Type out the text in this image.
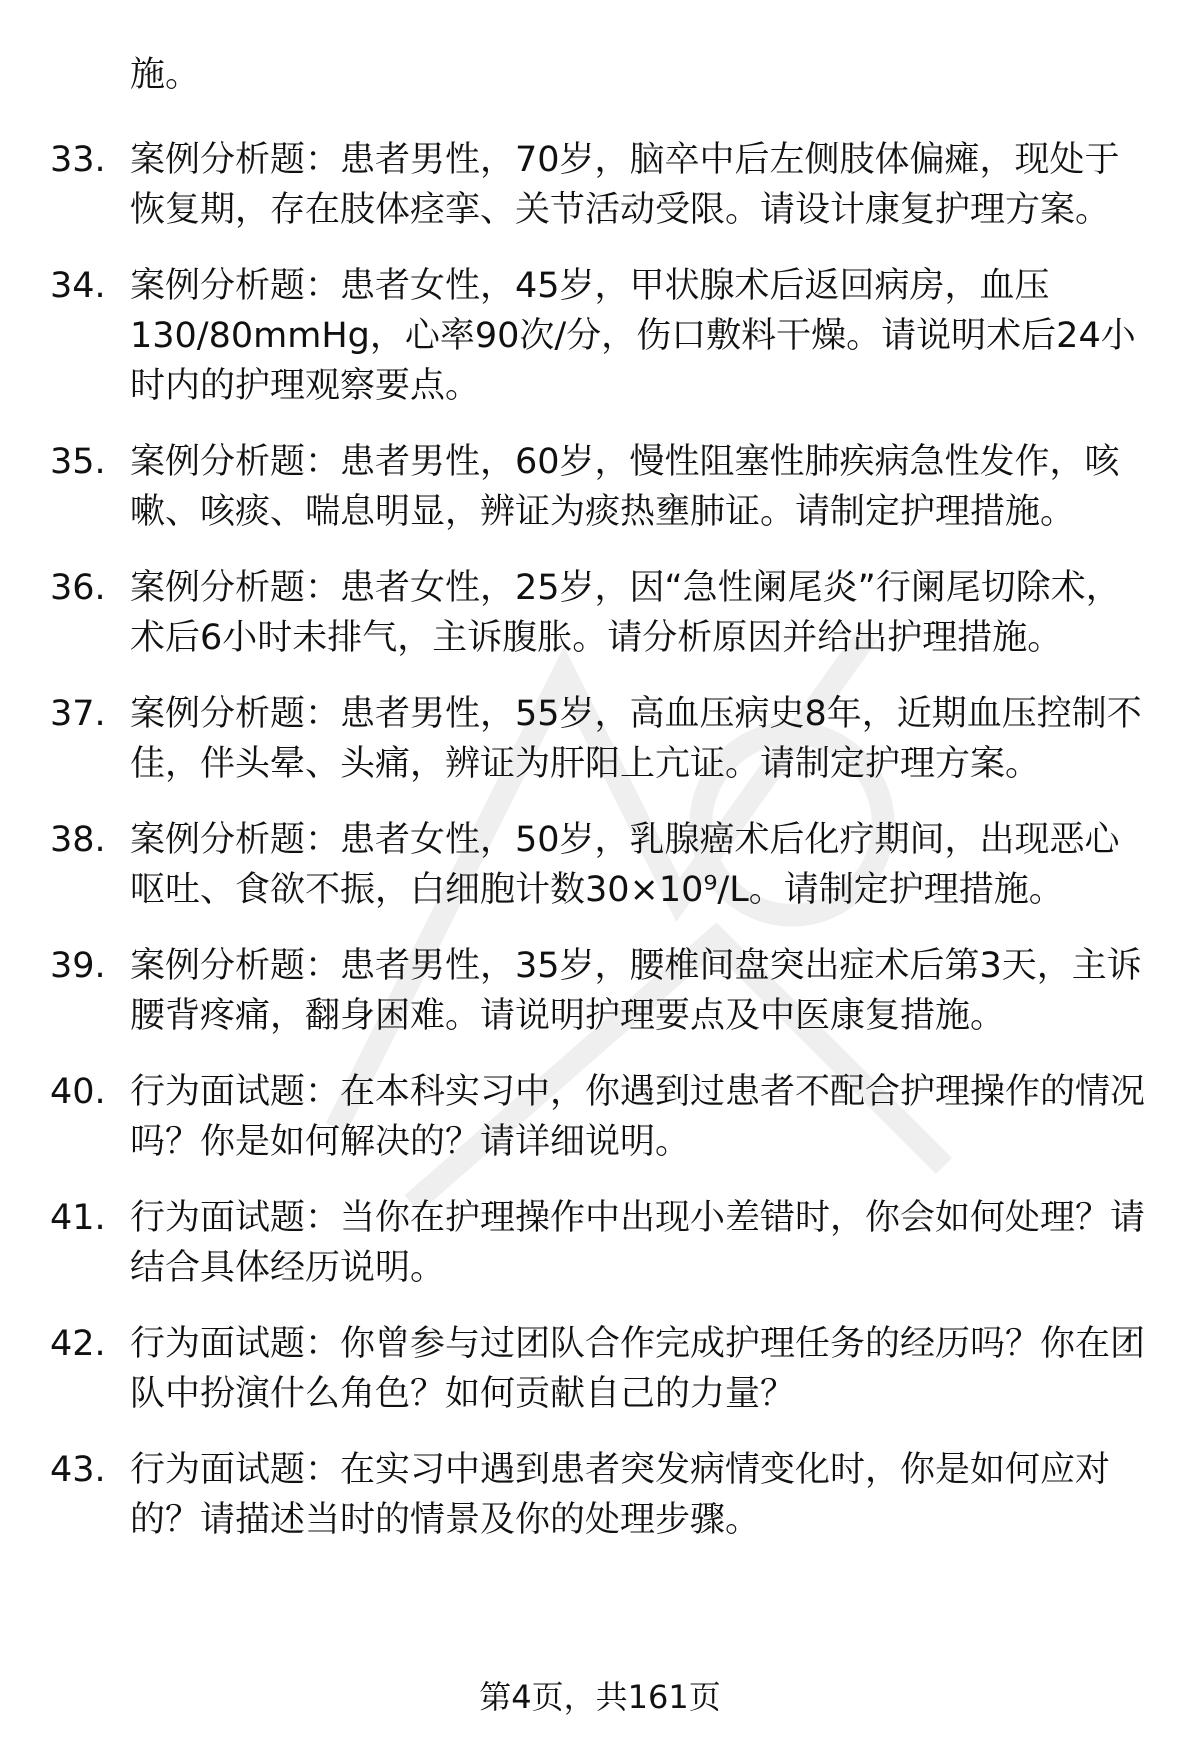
施。

33. 案例分析题：患者男性，70岁，脑卒中后左侧肢体偏瘫，现处于恢复期，存在肢体痉挛、关节活动受限。请设计康复护理方案。
34. 案例分析题：患者女性，45岁，甲状腺术后返回病房，血压130/80mmHg，心率90次/分，伤口敷料干燥。请说明术后24小时内的护理观察要点。
35. 案例分析题：患者男性，60岁，慢性阻塞性肺疾病急性发作，咳嗽、咳痰、喘息明显，辨证为痰热壅肺证。请制定护理措施。
36. 案例分析题：患者女性，25岁，因“急性阑尾炎”行阑尾切除术，术后6小时未排气，主诉腹胀。请分析原因并给出护理措施。
37. 案例分析题：患者男性，55岁，高血压病史8年，近期血压控制不佳，伴头晕、头痛，辨证为肝阳上亢证。请制定护理方案。
38. 案例分析题：患者女性，50岁，乳腺癌术后化疗期间，出现恶心呕吐、食欲不振，白细胞计数30×10⁹/L。请制定护理措施。
39. 案例分析题：患者男性，35岁，腰椎间盘突出症术后第3天，主诉腰背疼痛，翻身困难。请说明护理要点及中医康复措施。
40. 行为面试题：在本科实习中，你遇到过患者不配合护理操作的情况吗？你是如何解决的？请详细说明。
41. 行为面试题：当你在护理操作中出现小差错时，你会如何处理？请结合具体经历说明。
42. 行为面试题：你曾参与过团队合作完成护理任务的经历吗？你在团队中扮演什么角色？如何贡献自己的力量？
43. 行为面试题：在实习中遇到患者突发病情变化时，你是如何应对的？请描述当时的情景及你的处理步骤。
第4页，共161页
